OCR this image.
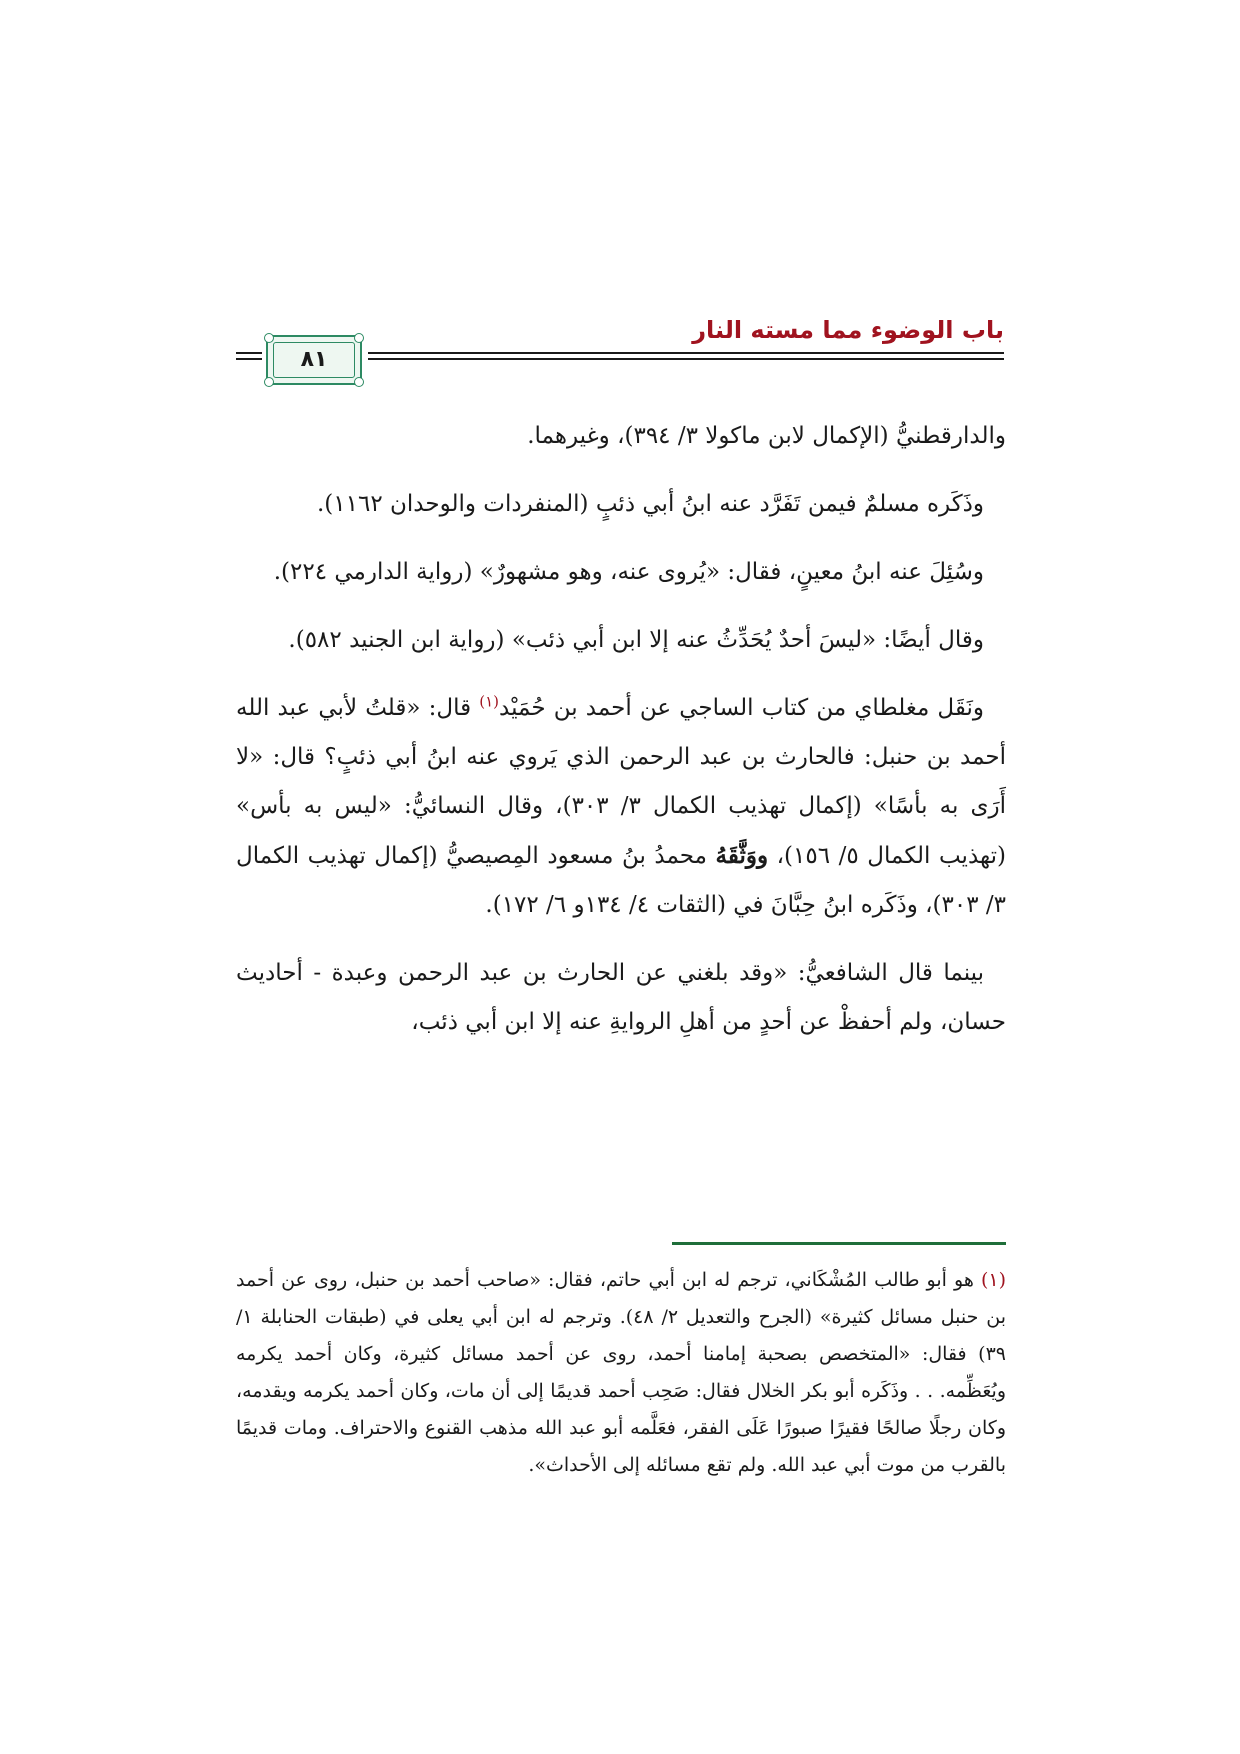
باب الوضوء مما مسته النار
٨١

والدارقطنيُّ (الإكمال لابن ماكولا ٣/ ٣٩٤)، وغيرهما.

وذَكَره مسلمٌ فيمن تَفَرَّد عنه ابنُ أبي ذئبٍ (المنفردات والوحدان ١١٦٢).

وسُئِلَ عنه ابنُ معينٍ، فقال: «يُروى عنه، وهو مشهورٌ» (رواية الدارمي ٢٢٤).

وقال أيضًا: «ليسَ أحدٌ يُحَدِّثُ عنه إلا ابن أبي ذئب» (رواية ابن الجنيد ٥٨٢).

ونَقَل مغلطاي من كتاب الساجي عن أحمد بن حُمَيْد$^{(١)}$ قال: «قلتُ لأبي عبد الله أحمد بن حنبل: فالحارث بن عبد الرحمن الذي يَروي عنه ابنُ أبي ذئبٍ؟ قال: «لا أَرَى به بأسًا» (إكمال تهذيب الكمال ٣/ ٣٠٣)، وقال النسائيُّ: «ليس به بأس» (تهذيب الكمال ٥/ ١٥٦)، ووَثَّقَهُ محمدُ بنُ مسعود المِصيصيُّ (إكمال تهذيب الكمال ٣/ ٣٠٣)، وذَكَره ابنُ حِبَّانَ في (الثقات ٤/ ١٣٤و ٦/ ١٧٢).

بينما قال الشافعيُّ: «وقد بلغني عن الحارث بن عبد الرحمن وعبدة - أحاديث حسان، ولم أحفظْ عن أحدٍ من أهلِ الروايةِ عنه إلا ابن أبي ذئب،

(١) هو أبو طالب المُشْكَاني، ترجم له ابن أبي حاتم، فقال: «صاحب أحمد بن حنبل، روى عن أحمد بن حنبل مسائل كثيرة» (الجرح والتعديل ٢/ ٤٨). وترجم له ابن أبي يعلى في (طبقات الحنابلة ١/ ٣٩) فقال: «المتخصص بصحبة إمامنا أحمد، روى عن أحمد مسائل كثيرة، وكان أحمد يكرمه ويُعَظِّمه. . . وذَكَره أبو بكر الخلال فقال: صَحِب أحمد قديمًا إلى أن مات، وكان أحمد يكرمه ويقدمه، وكان رجلًا صالحًا فقيرًا صبورًا عَلَى الفقر، فعَلَّمه أبو عبد الله مذهب القنوع والاحتراف. ومات قديمًا بالقرب من موت أبي عبد الله. ولم تقع مسائله إلى الأحداث».
